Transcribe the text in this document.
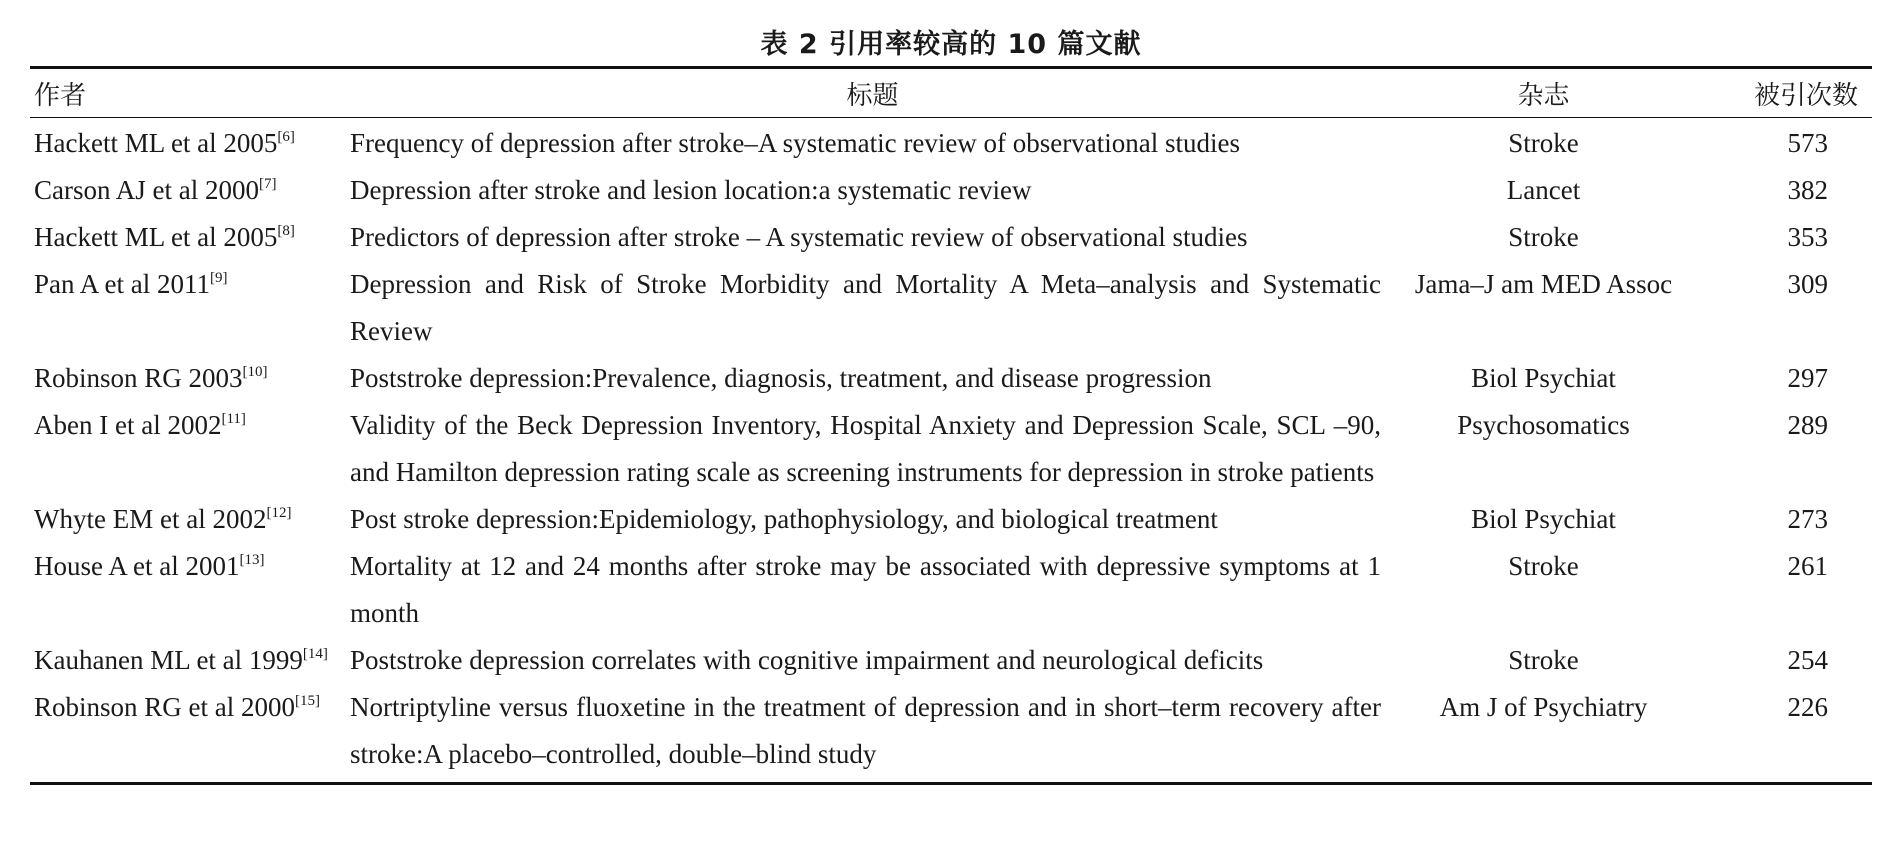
表 2 引用率较高的 10 篇文献
作者	标题	杂志	被引次数
Hackett ML et al 2005[6]	Frequency of depression after stroke–A systematic review of observational studies	Stroke	573
Carson AJ et al 2000[7]	Depression after stroke and lesion location:a systematic review	Lancet	382
Hackett ML et al 2005[8]	Predictors of depression after stroke – A systematic review of observational studies	Stroke	353
Pan A et al 2011[9]	Depression and Risk of Stroke Morbidity and Mortality A Meta–analysis and Systematic Review	Jama–J am MED Assoc	309
Robinson RG 2003[10]	Poststroke depression:Prevalence, diagnosis, treatment, and disease progression	Biol Psychiat	297
Aben I et al 2002[11]	Validity of the Beck Depression Inventory, Hospital Anxiety and Depression Scale, SCL –90, and Hamilton depression rating scale as screening instruments for depression in stroke patients	Psychosomatics	289
Whyte EM et al 2002[12]	Post stroke depression:Epidemiology, pathophysiology, and biological treatment	Biol Psychiat	273
House A et al 2001[13]	Mortality at 12 and 24 months after stroke may be associated with depressive symptoms at 1 month	Stroke	261
Kauhanen ML et al 1999[14]	Poststroke depression correlates with cognitive impairment and neurological deficits	Stroke	254
Robinson RG et al 2000[15]	Nortriptyline versus fluoxetine in the treatment of depression and in short–term recovery after stroke:A placebo–controlled, double–blind study	Am J of Psychiatry	226
